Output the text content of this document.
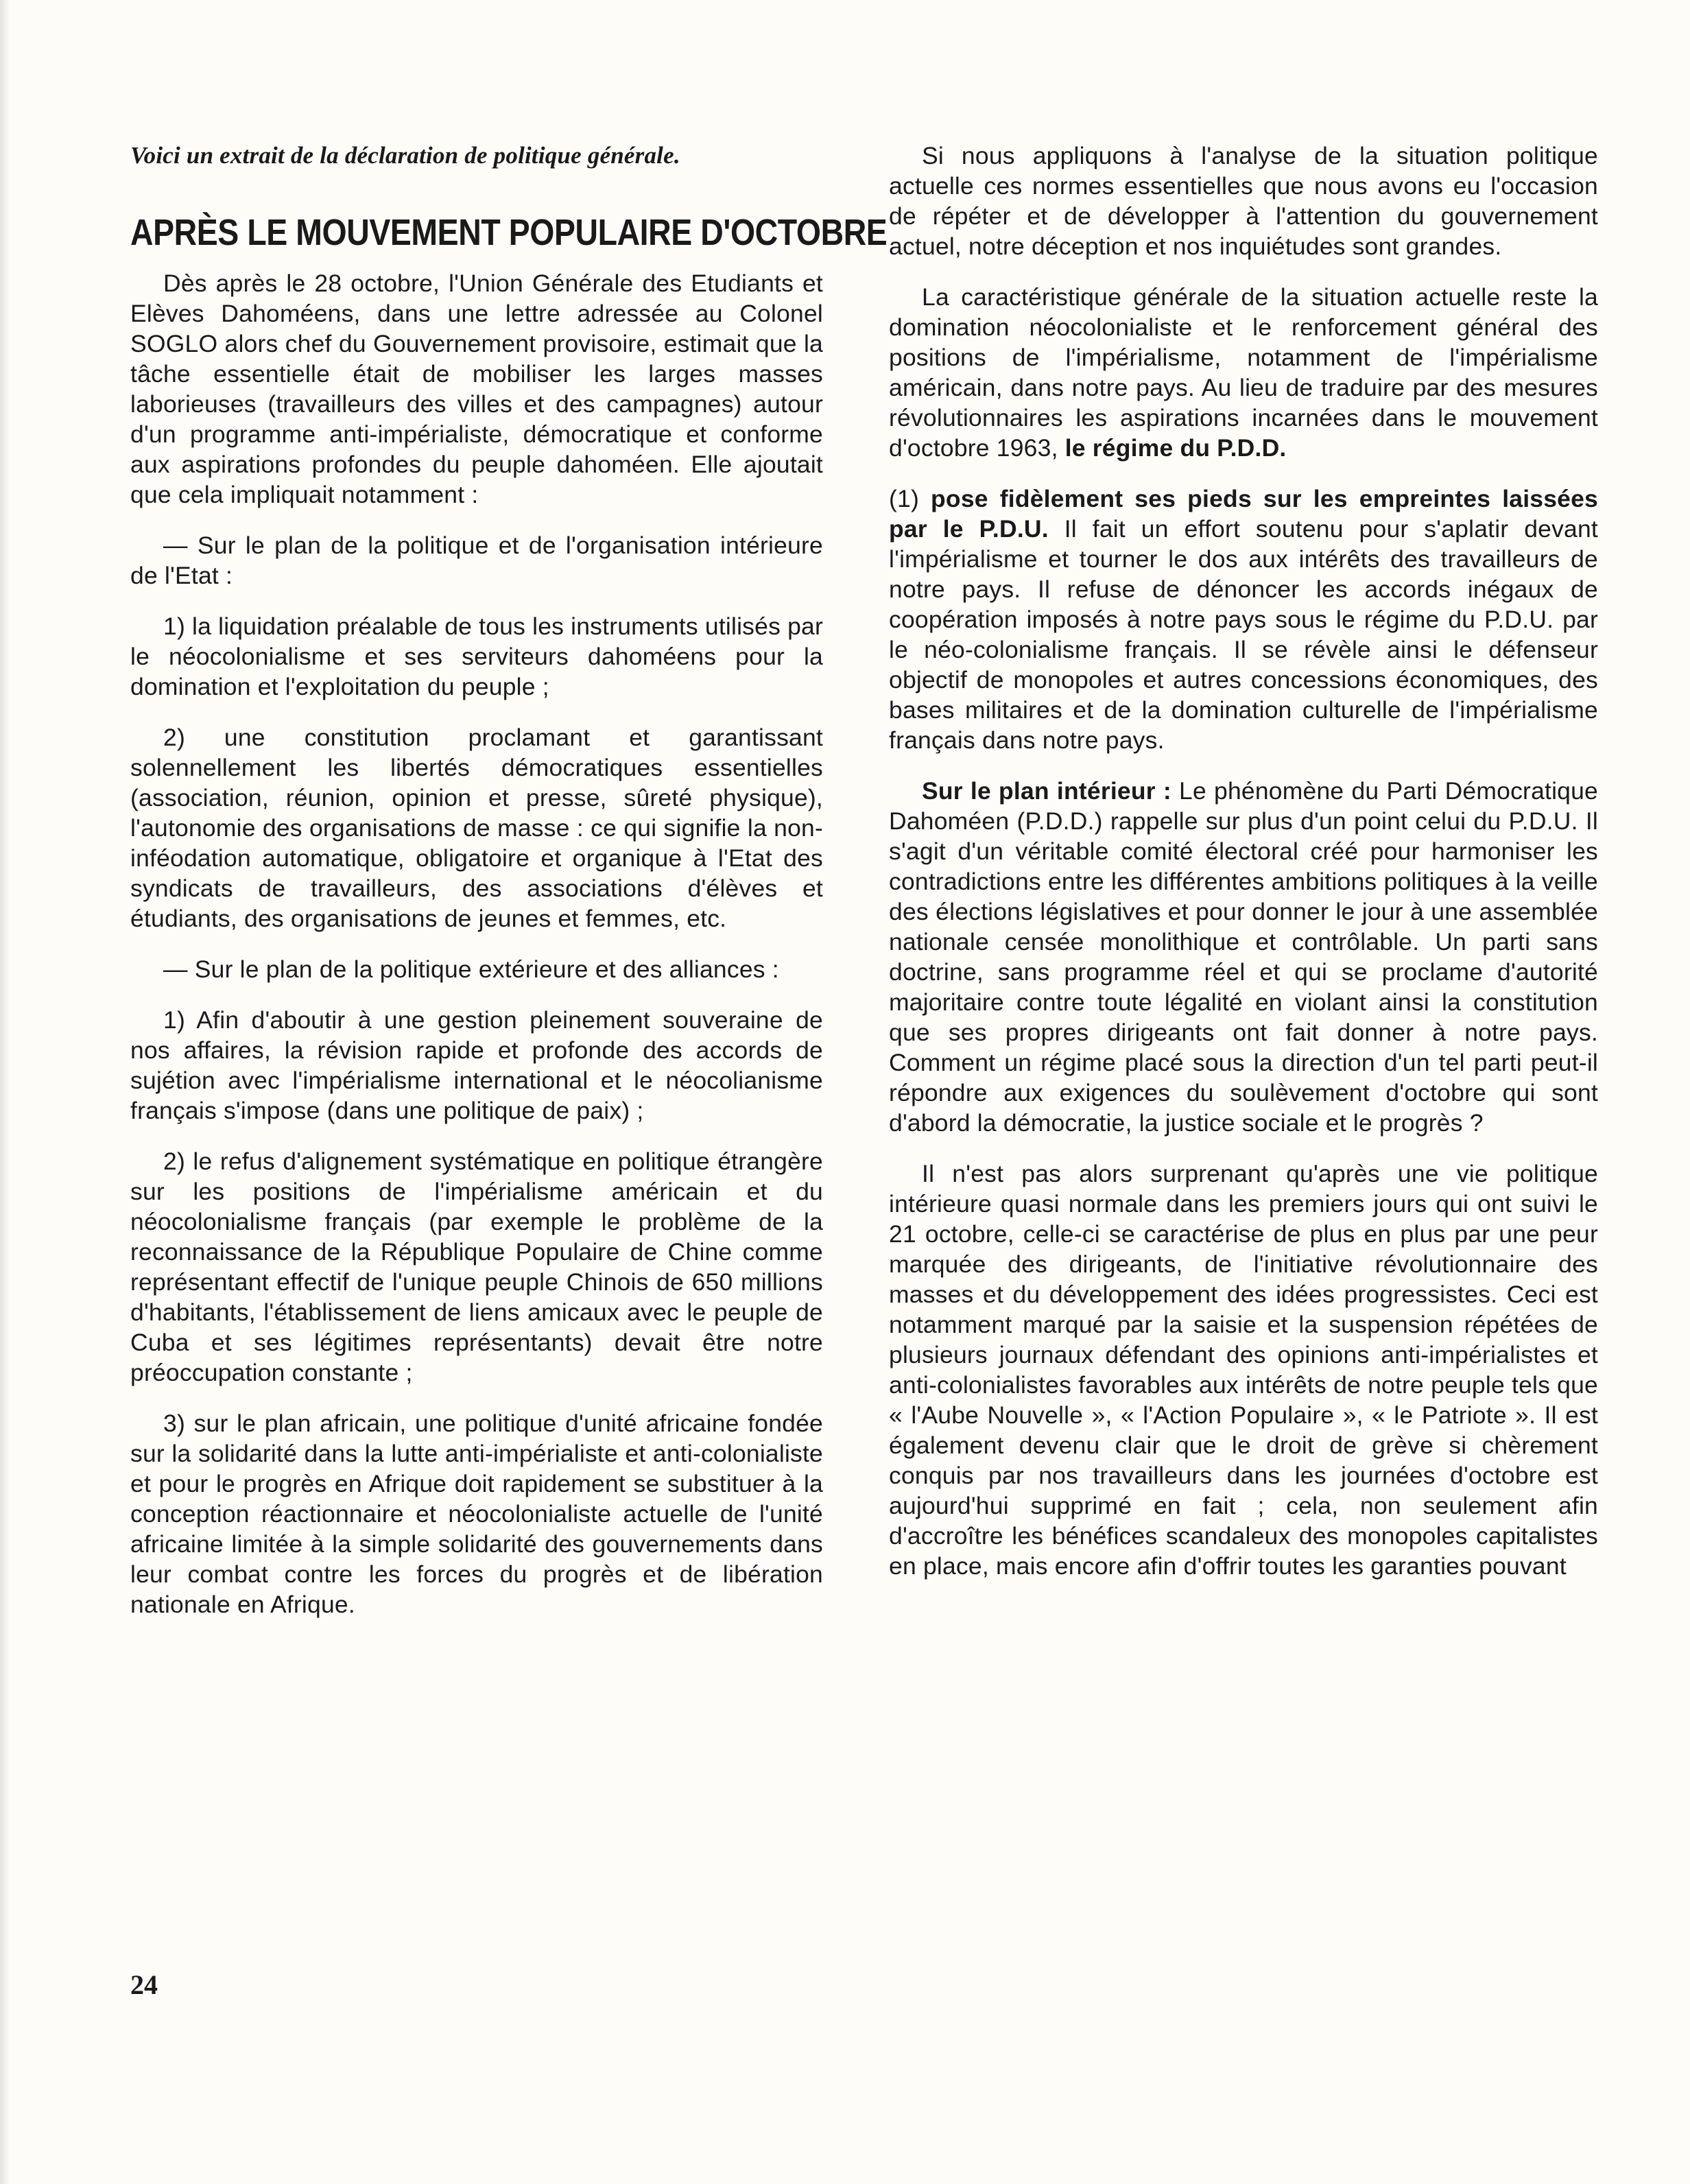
Voici un extrait de la déclaration de politique générale.

APRÈS LE MOUVEMENT POPULAIRE D'OCTOBRE

Dès après le 28 octobre, l'Union Générale des Etudiants et Elèves Dahoméens, dans une lettre adressée au Colonel SOGLO alors chef du Gouvernement provisoire, estimait que la tâche essentielle était de mobiliser les larges masses laborieuses (travailleurs des villes et des campagnes) autour d'un programme anti-impérialiste, démocratique et conforme aux aspirations profondes du peuple dahoméen. Elle ajoutait que cela impliquait notamment :

— Sur le plan de la politique et de l'organisation intérieure de l'Etat :

1) la liquidation préalable de tous les instruments utilisés par le néocolonialisme et ses serviteurs dahoméens pour la domination et l'exploitation du peuple ;

2) une constitution proclamant et garantissant solennellement les libertés démocratiques essentielles (association, réunion, opinion et presse, sûreté physique), l'autonomie des organisations de masse : ce qui signifie la non-inféodation automatique, obligatoire et organique à l'Etat des syndicats de travailleurs, des associations d'élèves et étudiants, des organisations de jeunes et femmes, etc.

— Sur le plan de la politique extérieure et des alliances :

1) Afin d'aboutir à une gestion pleinement souveraine de nos affaires, la révision rapide et profonde des accords de sujétion avec l'impérialisme international et le néocolianisme français s'impose (dans une politique de paix) ;

2) le refus d'alignement systématique en politique étrangère sur les positions de l'impérialisme américain et du néocolonialisme français (par exemple le problème de la reconnaissance de la République Populaire de Chine comme représentant effectif de l'unique peuple Chinois de 650 millions d'habitants, l'établissement de liens amicaux avec le peuple de Cuba et ses légitimes représentants) devait être notre préoccupation constante ;

3) sur le plan africain, une politique d'unité africaine fondée sur la solidarité dans la lutte anti-impérialiste et anti-colonialiste et pour le progrès en Afrique doit rapidement se substituer à la conception réactionnaire et néocolonialiste actuelle de l'unité africaine limitée à la simple solidarité des gouvernements dans leur combat contre les forces du progrès et de libération nationale en Afrique.

Si nous appliquons à l'analyse de la situation politique actuelle ces normes essentielles que nous avons eu l'occasion de répéter et de développer à l'attention du gouvernement actuel, notre déception et nos inquiétudes sont grandes.

La caractéristique générale de la situation actuelle reste la domination néocolonialiste et le renforcement général des positions de l'impérialisme, notamment de l'impérialisme américain, dans notre pays. Au lieu de traduire par des mesures révolutionnaires les aspirations incarnées dans le mouvement d'octobre 1963, le régime du P.D.D.

(1) pose fidèlement ses pieds sur les empreintes laissées par le P.D.U. Il fait un effort soutenu pour s'aplatir devant l'impérialisme et tourner le dos aux intérêts des travailleurs de notre pays. Il refuse de dénoncer les accords inégaux de coopération imposés à notre pays sous le régime du P.D.U. par le néo-colonialisme français. Il se révèle ainsi le défenseur objectif de monopoles et autres concessions économiques, des bases militaires et de la domination culturelle de l'impérialisme français dans notre pays.

Sur le plan intérieur : Le phénomène du Parti Démocratique Dahoméen (P.D.D.) rappelle sur plus d'un point celui du P.D.U. Il s'agit d'un véritable comité électoral créé pour harmoniser les contradictions entre les différentes ambitions politiques à la veille des élections législatives et pour donner le jour à une assemblée nationale censée monolithique et contrôlable. Un parti sans doctrine, sans programme réel et qui se proclame d'autorité majoritaire contre toute légalité en violant ainsi la constitution que ses propres dirigeants ont fait donner à notre pays. Comment un régime placé sous la direction d'un tel parti peut-il répondre aux exigences du soulèvement d'octobre qui sont d'abord la démocratie, la justice sociale et le progrès ?

Il n'est pas alors surprenant qu'après une vie politique intérieure quasi normale dans les premiers jours qui ont suivi le 21 octobre, celle-ci se caractérise de plus en plus par une peur marquée des dirigeants, de l'initiative révolutionnaire des masses et du développement des idées progressistes. Ceci est notamment marqué par la saisie et la suspension répétées de plusieurs journaux défendant des opinions anti-impérialistes et anti-colonialistes favorables aux intérêts de notre peuple tels que « l'Aube Nouvelle », « l'Action Populaire », « le Patriote ». Il est également devenu clair que le droit de grève si chèrement conquis par nos travailleurs dans les journées d'octobre est aujourd'hui supprimé en fait ; cela, non seulement afin d'accroître les bénéfices scandaleux des monopoles capitalistes en place, mais encore afin d'offrir toutes les garanties pouvant

24
